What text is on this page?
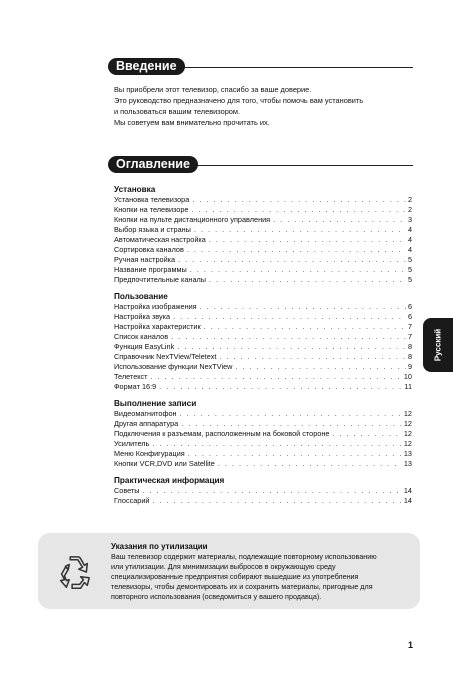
Введение
Вы приобрели этот телевизор, спасибо за ваше доверие.
Это руководство предназначено для того, чтобы помочь вам установить
и пользоваться вашим телевизором.
Мы советуем вам внимательно прочитать их.
Оглавление
Установка
Установка телевизора . . .	2
Кнопки на телевизоре . . .	2
Кнопки на пульте дистанционного управления . . .	3
Выбор языка и страны . . .	4
Автоматическая настройка . . .	4
Сортировка каналов . . .	4
Ручная настройка . . .	5
Название программы . . .	5
Предпочтительные каналы . . .	5
Пользование
Настройка изображения . . .	6
Настройка звука . . .	6
Настройка характеристик . . .	7
Список каналов . . .	7
Функция EasyLink . . .	8
Справочник NexTView/Teletext . . .	8
Использование функции NexTView . . .	9
Телетекст . . .	10
Формат 16:9 . . .	11
Выполнение записи
Видеомагнитофон . . .	12
Другая аппаратура . . .	12
Подключения к разъемам, расположенным на боковой стороне . . .	12
Усилитель . . .	12
Меню Конфигурация . . .	13
Кнопки VCR,DVD или Satellite . . .	13
Практическая информация
Советы . . .	14
Глоссарий . . .	14
Русский
Указания по утилизации
Ваш телевизор содержит материалы, подлежащие повторному использованию
или утилизации. Для минимизации выбросов в окружающую среду
специализированные предприятия собирают вышедшие из употребления
телевизоры, чтобы демонтировать их и сохранить материалы, пригодные для
повторного использования (осведомиться у вашего продавца).
1
